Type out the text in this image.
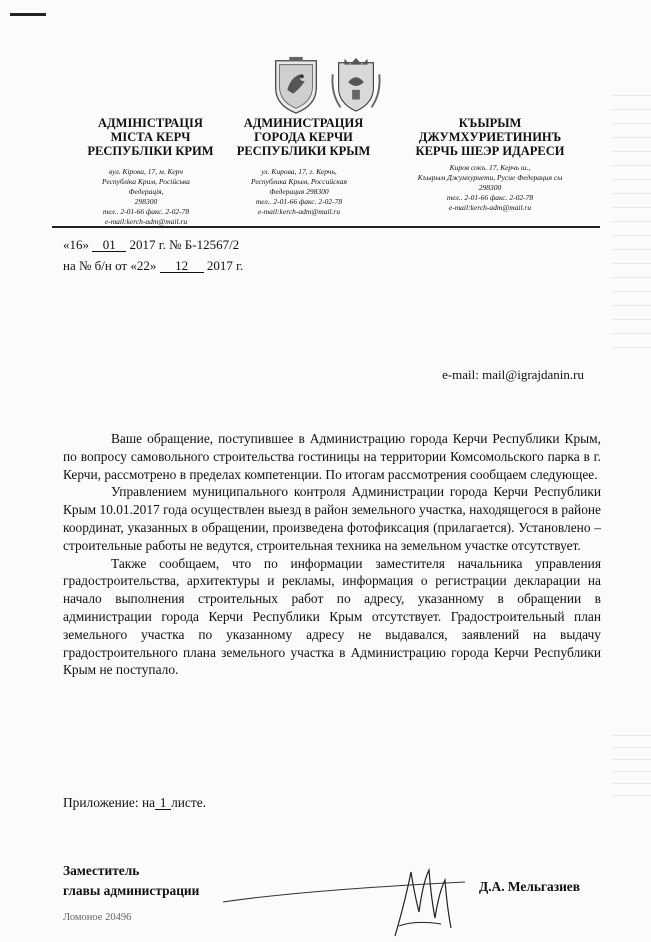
АДМІНІСТРАЦІЯ
МІСТА КЕРЧ
РЕСПУБЛІКИ КРИМ
вул. Кірова, 17, м. Керч
Республіка Крим, Російська
Федерація,
298300
тел.. 2-01-66 факс. 2-02-78
e-mail:kerch-adm@mail.ru
АДМИНИСТРАЦИЯ
ГОРОДА КЕРЧИ
РЕСПУБЛИКИ КРЫМ
ул. Кирова, 17, г. Керчь,
Республика Крым, Российская
Федерация 298300
тел.. 2-01-66 факс. 2-02-78
e-mail:kerch-adm@mail.ru
КЪЫРЫМ
ДЖУМХУРИЕТИНИНЪ
КЕРЧЬ ШЕЭР ИДАРЕСИ
Киров сокъ. 17, Керчь ш.,
Къырым Джумхуриети, Русие Федерация сы
298300
тел.. 2-01-66 факс. 2-02-78
e-mail:kerch-adm@mail.ru
«16» 01 2017 г. № Б-12567/2
на № б/н от «22» 12 2017 г.
e-mail: mail@igrajdanin.ru

Ваше обращение, поступившее в Администрацию города Керчи Республики Крым, по вопросу самовольного строительства гостиницы на территории Комсомольского парка в г. Керчи, рассмотрено в пределах компетенции. По итогам рассмотрения сообщаем следующее.

Управлением муниципального контроля Администрации города Керчи Республики Крым 10.01.2017 года осуществлен выезд в район земельного участка, находящегося в районе координат, указанных в обращении, произведена фотофиксация (прилагается). Установлено – строительные работы не ведутся, строительная техника на земельном участке отсутствует.

Также сообщаем, что по информации заместителя начальника управления градостроительства, архитектуры и рекламы, информация о регистрации декларации на начало выполнения строительных работ по адресу, указанному в обращении в администрации города Керчи Республики Крым отсутствует. Градостроительный план земельного участка по указанному адресу не выдавался, заявлений на выдачу градостроительного плана земельного участка в Администрацию города Керчи Республики Крым не поступало.

Приложение: на 1 листе.
Заместитель
главы администрации	Д.А. Мельгазиев
Ломоное 20496
